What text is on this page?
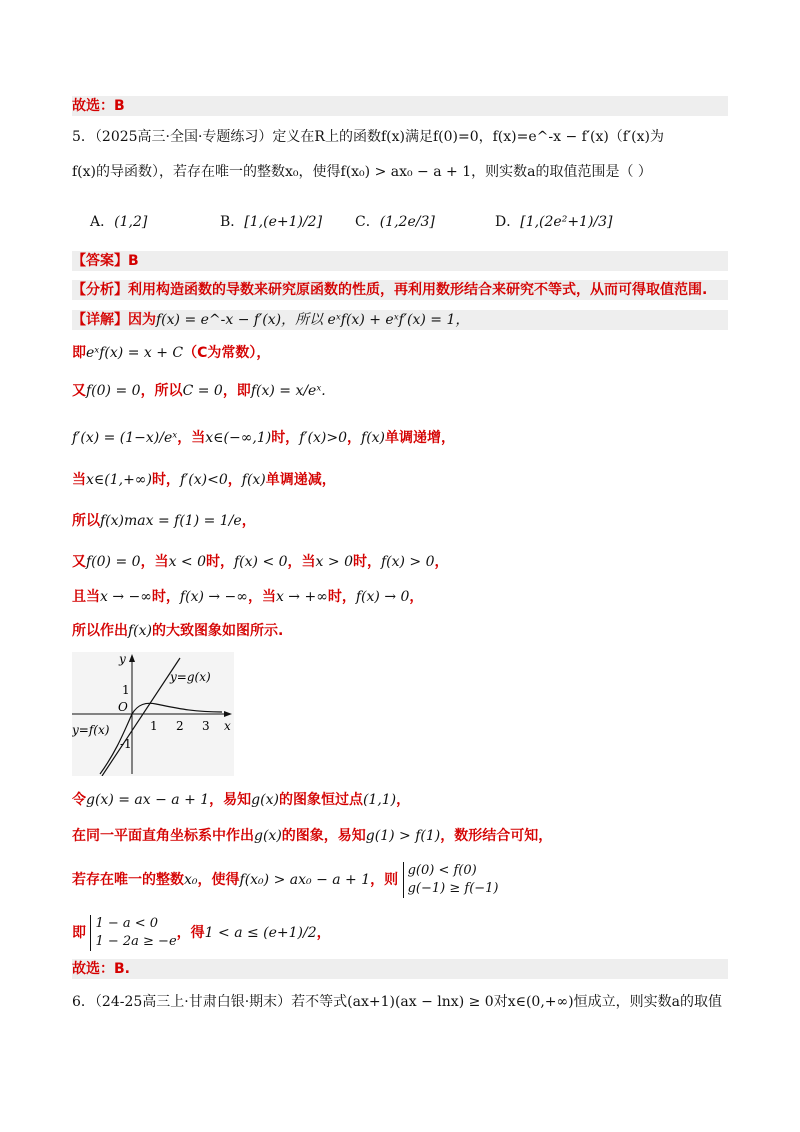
故选：B
5．（2025高三·全国·专题练习）定义在R上的函数f(x)满足f(0)=0，f(x)=e^-x − f′(x)（f′(x)为
f(x)的导函数），若存在唯一的整数x₀，使得f(x₀) > ax₀ − a + 1，则实数a的取值范围是（ ）
A．(1,2]	B．[1,(e+1)/2] C．(1,2e/3]	D．[1,(2e²+1)/3]
【答案】B
【分析】利用构造函数的导数来研究原函数的性质，再利用数形结合来研究不等式，从而可得取值范围.
【详解】因为f(x) = e^-x − f′(x)，所以 eˣf(x) + eˣf′(x) = 1，
即eˣf(x) = x + C（C为常数），
又f(0) = 0，所以C = 0，即f(x) = x/eˣ.
f′(x) = (1−x)/eˣ，当x∈(−∞,1)时，f′(x)>0，f(x)单调递增，
当x∈(1,+∞)时，f′(x)<0，f(x)单调递减，
所以f(x)max = f(1) = 1/e，
又f(0) = 0，当x < 0时，f(x) < 0，当x > 0时，f(x) > 0，
且当x → −∞时，f(x) → −∞，当x → +∞时，f(x) → 0，
所以作出f(x)的大致图象如图所示.
y
x
O
y=g(x)
y=f(x)	1 2 3
1
-1
令g(x) = ax − a + 1，易知g(x)的图象恒过点(1,1)，
在同一平面直角坐标系中作出g(x)的图象，易知g(1) > f(1)，数形结合可知，
若存在唯一的整数x₀，使得f(x₀) > ax₀ − a + 1，则
g(0) < f(0)
g(−1) ≥ f(−1)
即
1 − a < 0
1 − 2a ≥ −e
，得1 < a ≤ (e+1)/2，
故选：B.
6．（24-25高三上·甘肃白银·期末）若不等式(ax+1)(ax − lnx) ≥ 0对x∈(0,+∞)恒成立，则实数a的取值
